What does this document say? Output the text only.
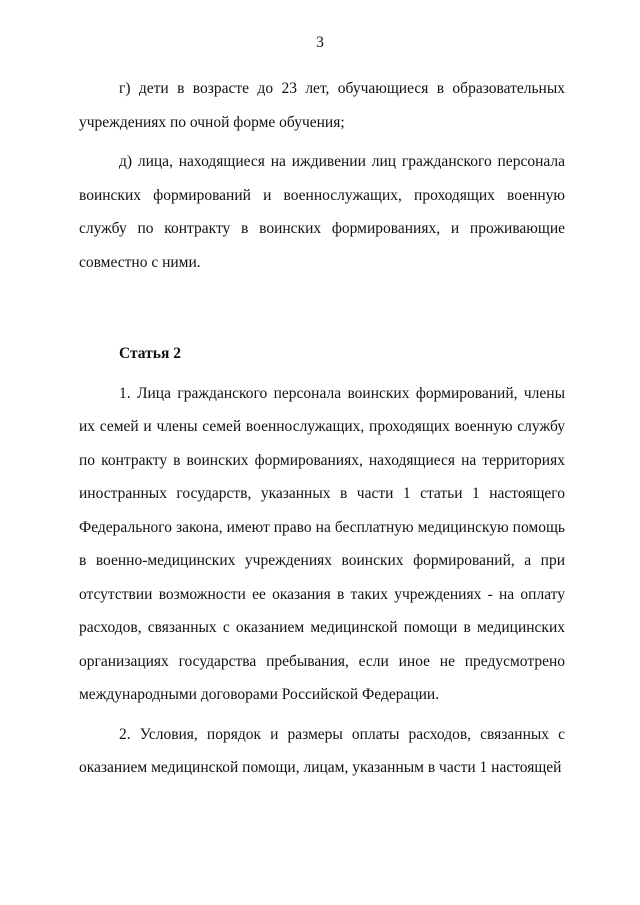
3

г) дети в возрасте до 23 лет, обучающиеся в образовательных учреждениях по очной форме обучения;

д) лица, находящиеся на иждивении лиц гражданского персонала воинских формирований и военнослужащих, проходящих военную службу по контракту в воинских формированиях, и проживающие совместно с ними.

Статья 2

1. Лица гражданского персонала воинских формирований, члены их семей и члены семей военнослужащих, проходящих военную службу по контракту в воинских формированиях, находящиеся на территориях иностранных государств, указанных в части 1 статьи 1 настоящего Федерального закона, имеют право на бесплатную медицинскую помощь в военно-медицинских учреждениях воинских формирований, а при отсутствии возможности ее оказания в таких учреждениях - на оплату расходов, связанных с оказанием медицинской помощи в медицинских организациях государства пребывания, если иное не предусмотрено международными договорами Российской Федерации.

2. Условия, порядок и размеры оплаты расходов, связанных с оказанием медицинской помощи, лицам, указанным в части 1 настоящей
